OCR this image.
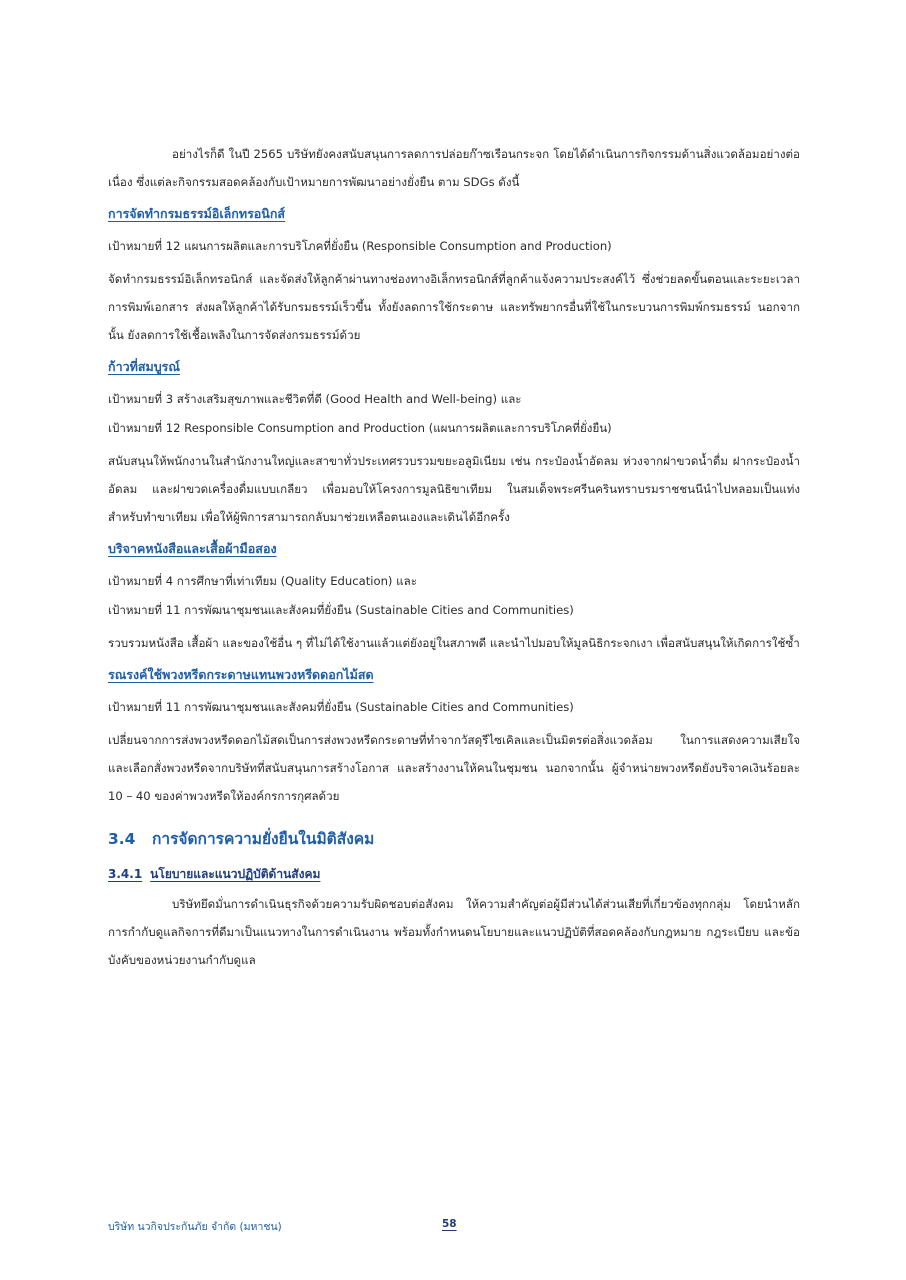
อย่างไรก็ดี ในปี 2565 บริษัทยังคงสนับสนุนการลดการปล่อยก๊าซเรือนกระจก โดยได้ดำเนินการกิจกรรมด้านสิ่งแวดล้อมอย่างต่อเนื่อง ซึ่งแต่ละกิจกรรมสอดคล้องกับเป้าหมายการพัฒนาอย่างยั่งยืน ตาม SDGs ดังนี้

การจัดทำกรมธรรม์อิเล็กทรอนิกส์

เป้าหมายที่ 12 แผนการผลิตและการบริโภคที่ยั่งยืน (Responsible Consumption and Production)

จัดทำกรมธรรม์อิเล็กทรอนิกส์ และจัดส่งให้ลูกค้าผ่านทางช่องทางอิเล็กทรอนิกส์ที่ลูกค้าแจ้งความประสงค์ไว้ ซึ่งช่วยลดขั้นตอนและระยะเวลาการพิมพ์เอกสาร ส่งผลให้ลูกค้าได้รับกรมธรรม์เร็วขึ้น ทั้งยังลดการใช้กระดาษ และทรัพยากรอื่นที่ใช้ในกระบวนการพิมพ์กรมธรรม์ นอกจากนั้น ยังลดการใช้เชื้อเพลิงในการจัดส่งกรมธรรม์ด้วย

ก้าวที่สมบูรณ์

เป้าหมายที่ 3 สร้างเสริมสุขภาพและชีวิตที่ดี (Good Health and Well-being) และ

เป้าหมายที่ 12 Responsible Consumption and Production (แผนการผลิตและการบริโภคที่ยั่งยืน)

สนับสนุนให้พนักงานในสำนักงานใหญ่และสาขาทั่วประเทศรวบรวมขยะอลูมิเนียม เช่น กระป๋องน้ำอัดลม ห่วงจากฝาขวดน้ำดื่ม ฝากระป๋องน้ำอัดลม และฝาขวดเครื่องดื่มแบบเกลียว เพื่อมอบให้โครงการมูลนิธิขาเทียม ในสมเด็จพระศรีนครินทราบรมราชชนนีนำไปหลอมเป็นแท่งสำหรับทำขาเทียม เพื่อให้ผู้พิการสามารถกลับมาช่วยเหลือตนเองและเดินได้อีกครั้ง

บริจาคหนังสือและเสื้อผ้ามือสอง

เป้าหมายที่ 4 การศึกษาที่เท่าเทียม (Quality Education) และ

เป้าหมายที่ 11 การพัฒนาชุมชนและสังคมที่ยั่งยืน (Sustainable Cities and Communities)

รวบรวมหนังสือ เสื้อผ้า และของใช้อื่น ๆ ที่ไม่ได้ใช้งานแล้วแต่ยังอยู่ในสภาพดี และนำไปมอบให้มูลนิธิกระจกเงา เพื่อสนับสนุนให้เกิดการใช้ซ้ำ

รณรงค์ใช้พวงหรีดกระดาษแทนพวงหรีดดอกไม้สด

เป้าหมายที่ 11 การพัฒนาชุมชนและสังคมที่ยั่งยืน (Sustainable Cities and Communities)

เปลี่ยนจากการส่งพวงหรีดดอกไม้สดเป็นการส่งพวงหรีดกระดาษที่ทำจากวัสดุรีไซเคิลและเป็นมิตรต่อสิ่งแวดล้อม ในการแสดงความเสียใจ และเลือกสั่งพวงหรีดจากบริษัทที่สนับสนุนการสร้างโอกาส และสร้างงานให้คนในชุมชน นอกจากนั้น ผู้จำหน่ายพวงหรีดยังบริจาคเงินร้อยละ 10 – 40 ของค่าพวงหรีดให้องค์กรการกุศลด้วย

3.4 การจัดการความยั่งยืนในมิติสังคม
3.4.1 นโยบายและแนวปฏิบัติด้านสังคม

บริษัทยึดมั่นการดำเนินธุรกิจด้วยความรับผิดชอบต่อสังคม ให้ความสำคัญต่อผู้มีส่วนได้ส่วนเสียที่เกี่ยวข้องทุกกลุ่ม โดยนำหลักการกำกับดูแลกิจการที่ดีมาเป็นแนวทางในการดำเนินงาน พร้อมทั้งกำหนดนโยบายและแนวปฏิบัติที่สอดคล้องกับกฎหมาย กฎระเบียบ และข้อบังคับของหน่วยงานกำกับดูแล

บริษัท นวกิจประกันภัย จำกัด (มหาชน)	58
